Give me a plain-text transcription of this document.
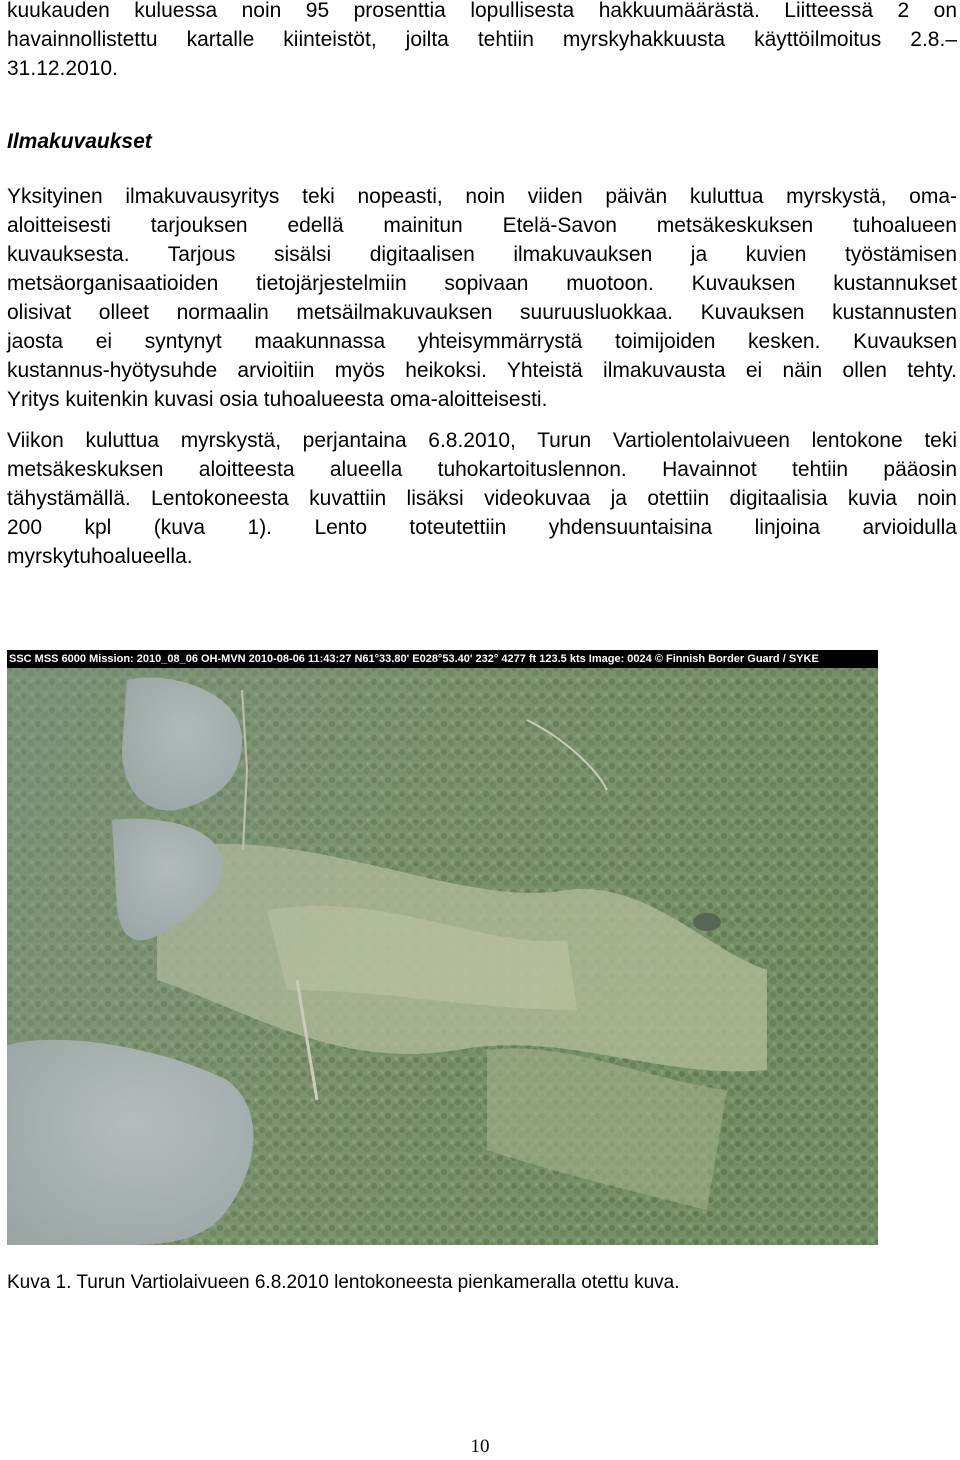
kuukauden kuluessa noin 95 prosenttia lopullisesta hakkuumäärästä. Liitteessä 2 on
havainnollistettu kartalle kiinteistöt, joilta tehtiin myrskyhakkuusta käyttöilmoitus 2.8.–
31.12.2010.
Ilmakuvaukset
Yksityinen ilmakuvausyritys teki nopeasti, noin viiden päivän kuluttua myrskystä, oma-
aloitteisesti tarjouksen edellä mainitun Etelä-Savon metsäkeskuksen tuhoalueen
kuvauksesta. Tarjous sisälsi digitaalisen ilmakuvauksen ja kuvien työstämisen
metsäorganisaatioiden tietojärjestelmiin sopivaan muotoon. Kuvauksen kustannukset
olisivat olleet normaalin metsäilmakuvauksen suuruusluokkaa. Kuvauksen kustannusten
jaosta ei syntynyt maakunnassa yhteisymmärrystä toimijoiden kesken. Kuvauksen
kustannus-hyötysuhde arvioitiin myös heikoksi. Yhteistä ilmakuvausta ei näin ollen tehty.
Yritys kuitenkin kuvasi osia tuhoalueesta oma-aloitteisesti.
Viikon kuluttua myrskystä, perjantaina 6.8.2010, Turun Vartiolentolaivueen lentokone teki
metsäkeskuksen aloitteesta alueella tuhokartoituslennon. Havainnot tehtiin pääosin
tähystämällä. Lentokoneesta kuvattiin lisäksi videokuvaa ja otettiin digitaalisia kuvia noin
200 kpl (kuva 1). Lento toteutettiin yhdensuuntaisina linjoina arvioidulla
myrskytuhoalueella.
SSC MSS 6000 Mission: 2010_08_06 OH-MVN 2010-08-06 11:43:27 N61°33.80' E028°53.40' 232° 4277 ft 123.5 kts Image: 0024 © Finnish Border Guard / SYKE

Kuva 1. Turun Vartiolaivueen 6.8.2010 lentokoneesta pienkameralla otettu kuva.

10
